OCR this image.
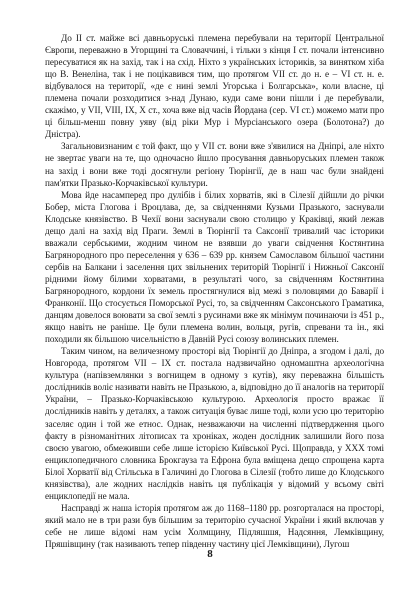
До ІІ ст. майже всі давньоруські племена перебували на території Центральної Європи, переважно в Угорщині та Словаччині, і тільки з кінця І ст. почали інтенсивно пересуватися як на захід, так і на схід. Ніхто з українських істориків, за винятком хіба що В. Венеліна, так і не поцікавився тим, що протягом VII ст. до н. е – VI ст. н. е. відбувалося на території, «де є нині землі Угорська і Болгарська», коли власне, ці племена почали розходитися з-над Дунаю, куди саме вони пішли і де перебували, скажімо, у VII, VIII, IX, X ст., хоча вже від часів Йордана (сер. VI ст.) можемо мати про ці більш-менш повну уяву (від ріки Мур і Мурсіанського озера (Болотона?) до Дністра).

Загальновизнаним є той факт, що у VII ст. вони вже з'явилися на Дніпрі, але ніхто не звертає уваги на те, що одночасно йшло просування давньоруських племен також на захід і вони вже тоді досягнули регіону Тюрінгії, де в наш час були знайдені пам'ятки Празько-Корчаківської культури.

Мова йде насамперед про дулібів і білих хорватів, які в Сілезії дійшли до річки Бобер, міста Глогова і Вроцлава, де, за свідченнями Кузьми Празького, заснували Клодське князівство. В Чехії вони заснували свою столицю у Краківці, який лежав дещо далі на захід від Праги. Землі в Тюрінгії та Саксонії тривалий час історики вважали сербськими, жодним чином не взявши до уваги свідчення Костянтина Багрянородного про переселення у 636 – 639 рр. князем Самославом більшої частини сербів на Балкани і заселення цих звільнених територій Тюрінгії і Нижньої Саксонії рідними йому білими хорватами, в результаті чого, за свідченням Костянтина Багрянородного, кордони їх земель простягнулися від межі з половцями до Баварії і Франконії. Що стосується Поморської Русі, то, за свідченням Саксонського Граматика, данцям довелося воювати за свої землі з русинами вже як мінімум починаючи із 451 р., якщо навіть не раніше. Це були племена волин, вольця, ругів, спревани та ін., які походили як більшою чисельністю в Давній Русі союзу волинських племен.

Таким чином, на величезному просторі від Тюрінгії до Дніпра, а згодом і далі, до Новгорода, протягом VII – IX ст. постала надзвичайно одномаштна археологічна культура (напівземлянки з вогнищем в одному з кутів), яку переважна більшість дослідників воліє називати навіть не Празькою, а, відповідно до її аналогів на території України, – Празько-Корчаківською культурою. Археологія просто вражає її дослідників навіть у деталях, а також ситуація буває лише тоді, коли усю цю територію заселяє один і той же етнос. Однак, незважаючи на численні підтвердження цього факту в різноманітних літописах та хроніках, жоден дослідник залишили його поза своєю увагою, обмеживши себе лише історією Київської Русі. Щоправда, у ХХХ томі енциклопедичного словника Брокгауза та Ефрона була вміщена дещо спрощена карта Білої Хорватії від Стільська в Галичині до Глогова в Сілезії (тобто лише до Клодського князівства), але жодних наслідків навіть ця публікація у відомий у всьому світі енциклопедії не мала.

Насправді ж наша історія протягом аж до 1168–1180 рр. розгорталася на просторі, який мало не в три рази був більшим за територію сучасної України і який включав у себе не лише відомі нам усім Холмщину, Підляшшя, Надсяння, Лемківщину, Пряшівщину (так називають тепер південну частину цієї Лемківщини), Лугош

8
